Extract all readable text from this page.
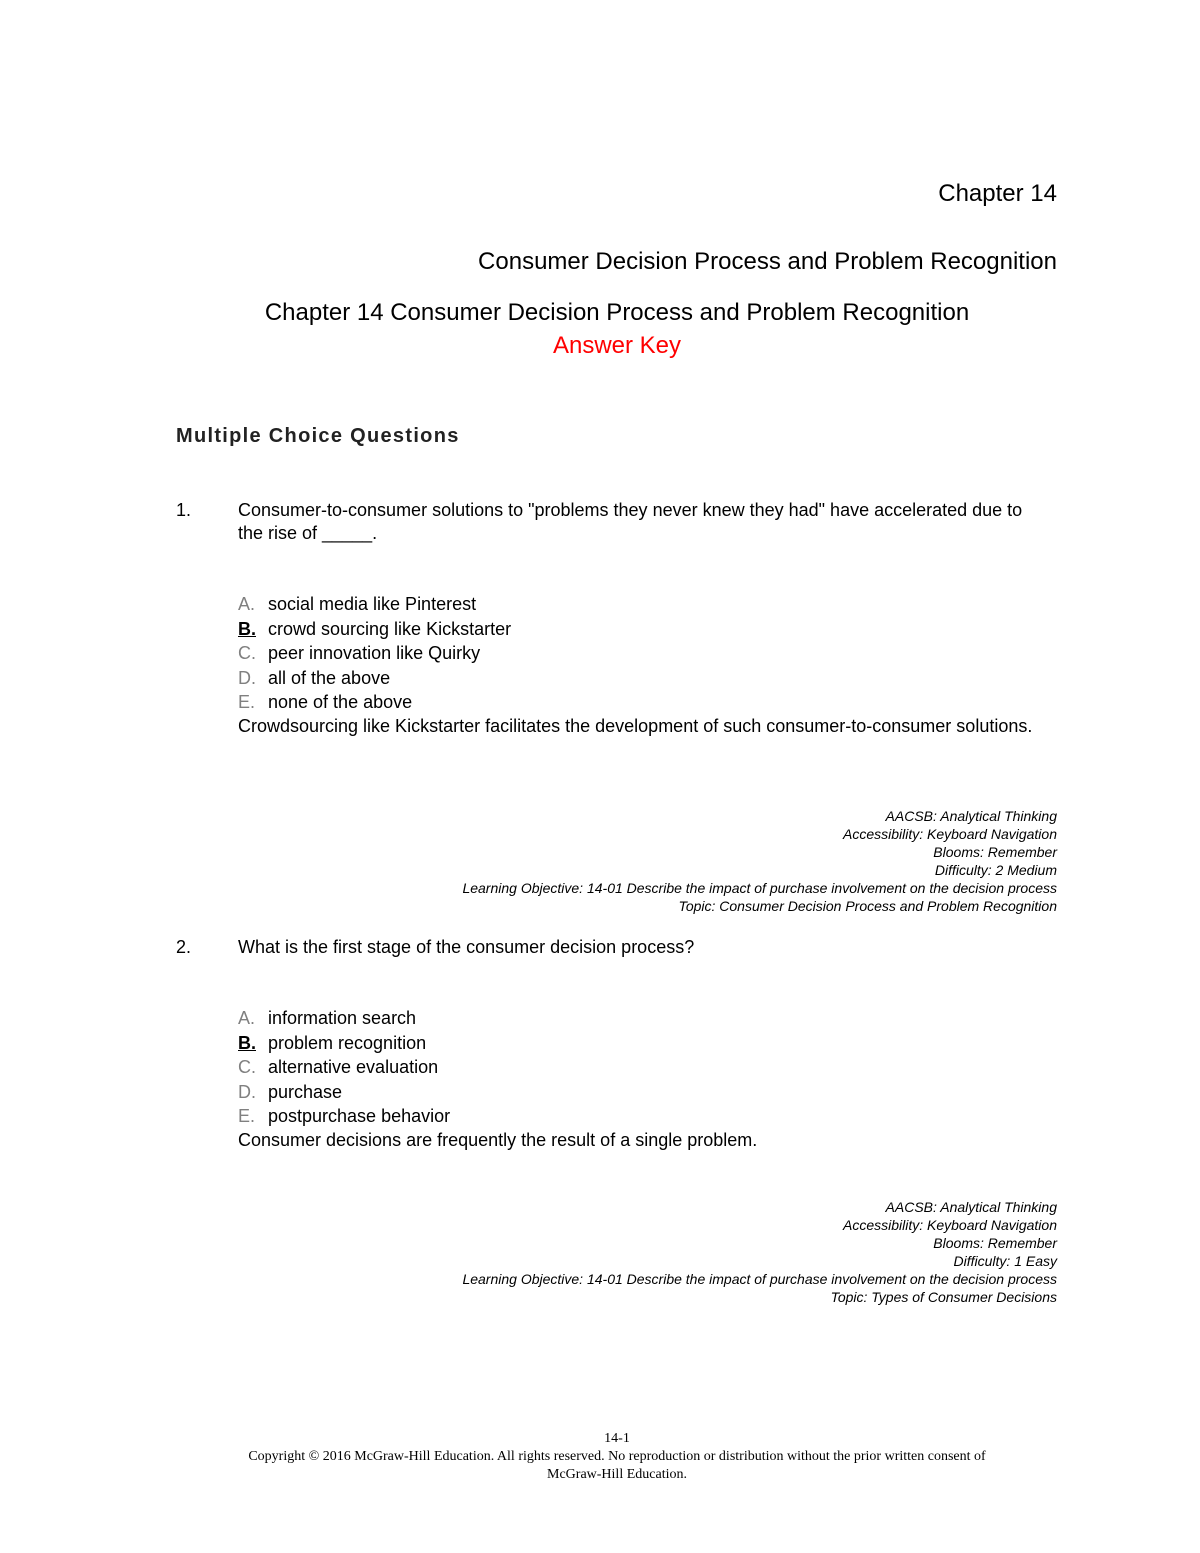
Chapter 14
Consumer Decision Process and Problem Recognition
Chapter 14 Consumer Decision Process and Problem Recognition
Answer Key
Multiple Choice Questions
1.	Consumer-to-consumer solutions to "problems they never knew they had" have accelerated due to the rise of _____.
A. social media like Pinterest
B. crowd sourcing like Kickstarter
C. peer innovation like Quirky
D. all of the above
E. none of the above
Crowdsourcing like Kickstarter facilitates the development of such consumer-to-consumer solutions.
AACSB: Analytical Thinking
Accessibility: Keyboard Navigation
Blooms: Remember
Difficulty: 2 Medium
Learning Objective: 14-01 Describe the impact of purchase involvement on the decision process
Topic: Consumer Decision Process and Problem Recognition
2.	What is the first stage of the consumer decision process?
A. information search
B. problem recognition
C. alternative evaluation
D. purchase
E. postpurchase behavior
Consumer decisions are frequently the result of a single problem.
AACSB: Analytical Thinking
Accessibility: Keyboard Navigation
Blooms: Remember
Difficulty: 1 Easy
Learning Objective: 14-01 Describe the impact of purchase involvement on the decision process
Topic: Types of Consumer Decisions
14-1
Copyright © 2016 McGraw-Hill Education. All rights reserved. No reproduction or distribution without the prior written consent of
McGraw-Hill Education.
